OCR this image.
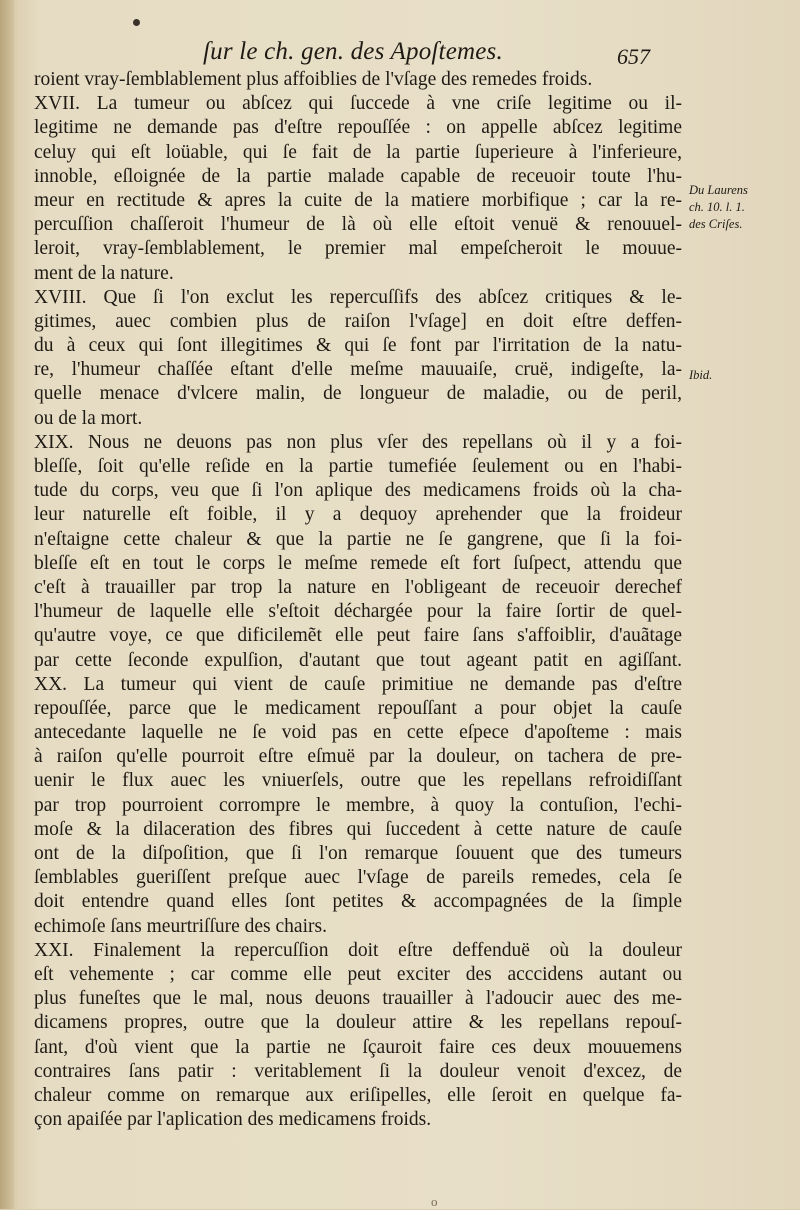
ſur le ch. gen. des Apoſtemes.	657
roient vray-ſemblablement plus affoiblies de l'vſage des remedes froids.
XVII. La tumeur ou abſcez qui ſuccede à vne criſe legitime ou il-
legitime ne demande pas d'eſtre repouſſée : on appelle abſcez legitime
celuy qui eſt loüable, qui ſe fait de la partie ſuperieure à l'inferieure,
innoble, eſloignée de la partie malade capable de receuoir toute l'hu-
meur en rectitude & apres la cuite de la matiere morbifique ; car la re-
percuſſion chaſſeroit l'humeur de là où elle eſtoit venuë & renouuel-
leroit, vray-ſemblablement, le premier mal empeſcheroit le mouue-
ment de la nature.
XVIII. Que ſi l'on exclut les repercuſſifs des abſcez critiques & le-
gitimes, auec combien plus de raiſon l'vſage] en doit eſtre deffen-
du à ceux qui ſont illegitimes & qui ſe font par l'irritation de la natu-
re, l'humeur chaſſée eſtant d'elle meſme mauuaiſe, cruë, indigeſte, la-
quelle menace d'vlcere malin, de longueur de maladie, ou de peril,
ou de la mort.
XIX. Nous ne deuons pas non plus vſer des repellans où il y a foi-
bleſſe, ſoit qu'elle reſide en la partie tumefiée ſeulement ou en l'habi-
tude du corps, veu que ſi l'on aplique des medicamens froids où la cha-
leur naturelle eſt foible, il y a dequoy aprehender que la froideur
n'eſtaigne cette chaleur & que la partie ne ſe gangrene, que ſi la foi-
bleſſe eſt en tout le corps le meſme remede eſt fort ſuſpect, attendu que
c'eſt à trauailler par trop la nature en l'obligeant de receuoir derechef
l'humeur de laquelle elle s'eſtoit déchargée pour la faire ſortir de quel-
qu'autre voye, ce que dificilemẽt elle peut faire ſans s'affoiblir, d'auãtage
par cette ſeconde expulſion, d'autant que tout ageant patit en agiſſant.
XX. La tumeur qui vient de cauſe primitiue ne demande pas d'eſtre
repouſſée, parce que le medicament repouſſant a pour objet la cauſe
antecedante laquelle ne ſe void pas en cette eſpece d'apoſteme : mais
à raiſon qu'elle pourroit eſtre eſmuë par la douleur, on tachera de pre-
uenir le flux auec les vniuerſels, outre que les repellans refroidiſſant
par trop pourroient corrompre le membre, à quoy la contuſion, l'echi-
moſe & la dilaceration des fibres qui ſuccedent à cette nature de cauſe
ont de la diſpoſition, que ſi l'on remarque ſouuent que des tumeurs
ſemblables gueriſſent preſque auec l'vſage de pareils remedes, cela ſe
doit entendre quand elles ſont petites & accompagnées de la ſimple
echimoſe ſans meurtriſſure des chairs.
XXI. Finalement la repercuſſion doit eſtre deffenduë où la douleur
eſt vehemente ; car comme elle peut exciter des acccidens autant ou
plus funeſtes que le mal, nous deuons trauailler à l'adoucir auec des me-
dicamens propres, outre que la douleur attire & les repellans repouſ-
ſant, d'où vient que la partie ne ſçauroit faire ces deux mouuemens
contraires ſans patir : veritablement ſi la douleur venoit d'excez, de
chaleur comme on remarque aux eriſipelles, elle ſeroit en quelque fa-
çon apaiſée par l'aplication des medicamens froids.
Du Laurens
ch. 10. l. 1.
des Criſes.
Ibid.
o
